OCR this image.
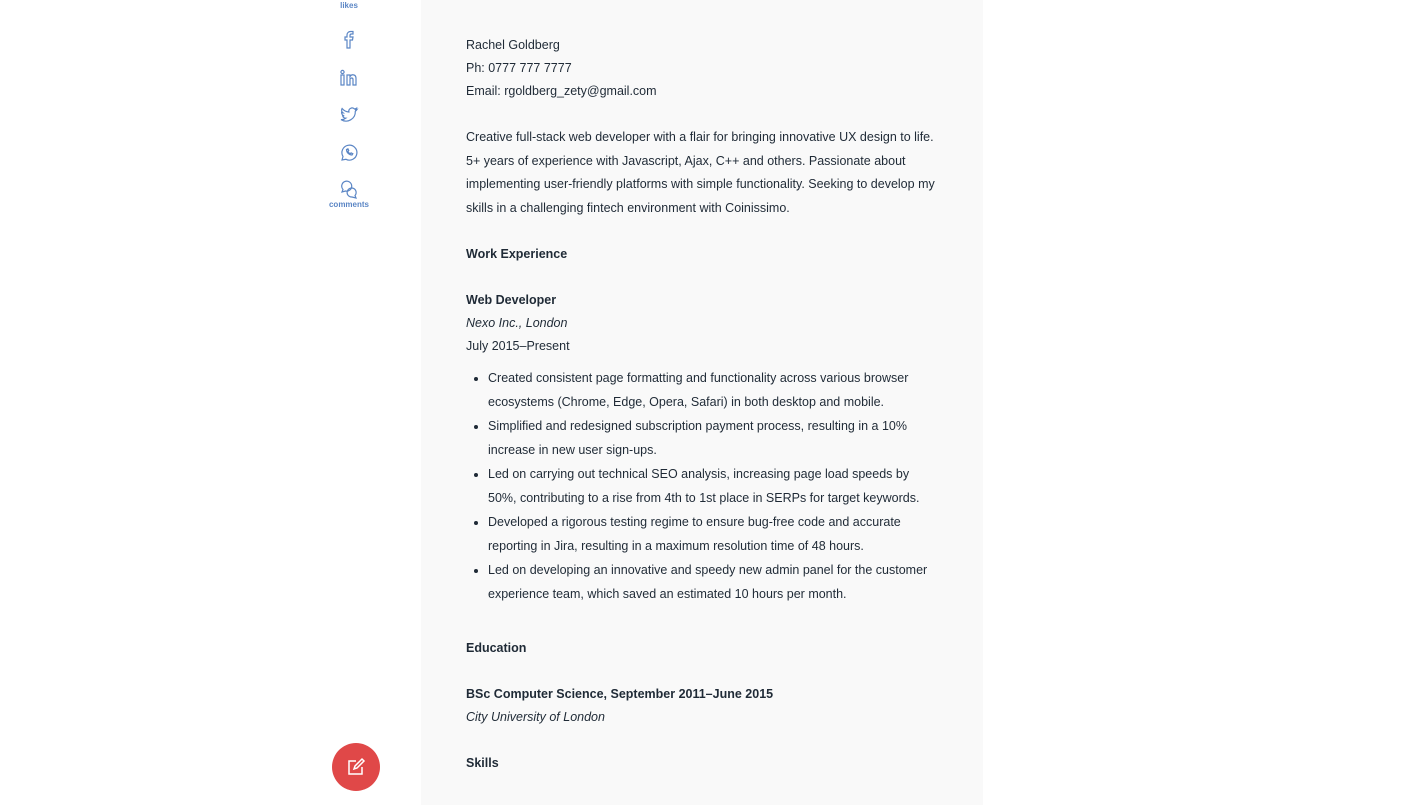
likes
comments

Rachel Goldberg

Ph: 0777 777 7777

Email: rgoldberg_zety@gmail.com

Creative full-stack web developer with a flair for bringing innovative UX design to life. 5+ years of experience with Javascript, Ajax, C++ and others. Passionate about implementing user-friendly platforms with simple functionality. Seeking to develop my skills in a challenging fintech environment with Coinissimo.

Work Experience

Web Developer

Nexo Inc., London

July 2015–Present

• Created consistent page formatting and functionality across various browser ecosystems (Chrome, Edge, Opera, Safari) in both desktop and mobile.
• Simplified and redesigned subscription payment process, resulting in a 10% increase in new user sign-ups.
• Led on carrying out technical SEO analysis, increasing page load speeds by 50%, contributing to a rise from 4th to 1st place in SERPs for target keywords.
• Developed a rigorous testing regime to ensure bug-free code and accurate reporting in Jira, resulting in a maximum resolution time of 48 hours.
• Led on developing an innovative and speedy new admin panel for the customer experience team, which saved an estimated 10 hours per month.

Education

BSc Computer Science, September 2011–June 2015

City University of London

Skills
